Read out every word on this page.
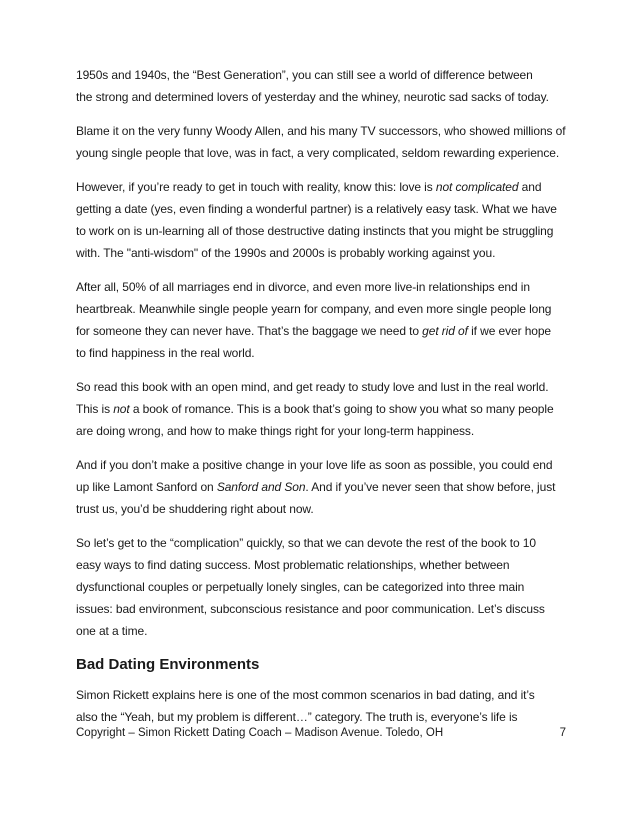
1950s and 1940s, the “Best Generation”, you can still see a world of difference between
the strong and determined lovers of yesterday and the whiney, neurotic sad sacks of today.

Blame it on the very funny Woody Allen, and his many TV successors, who showed millions of
young single people that love, was in fact, a very complicated, seldom rewarding experience.

However, if you’re ready to get in touch with reality, know this: love is not complicated and
getting a date (yes, even finding a wonderful partner) is a relatively easy task. What we have
to work on is un-learning all of those destructive dating instincts that you might be struggling
with. The "anti-wisdom" of the 1990s and 2000s is probably working against you.

After all, 50% of all marriages end in divorce, and even more live-in relationships end in
heartbreak. Meanwhile single people yearn for company, and even more single people long
for someone they can never have. That’s the baggage we need to get rid of if we ever hope
to find happiness in the real world.

So read this book with an open mind, and get ready to study love and lust in the real world.
This is not a book of romance. This is a book that’s going to show you what so many people
are doing wrong, and how to make things right for your long-term happiness.

And if you don’t make a positive change in your love life as soon as possible, you could end
up like Lamont Sanford on Sanford and Son. And if you’ve never seen that show before, just
trust us, you’d be shuddering right about now.

So let’s get to the “complication” quickly, so that we can devote the rest of the book to 10
easy ways to find dating success. Most problematic relationships, whether between
dysfunctional couples or perpetually lonely singles, can be categorized into three main
issues: bad environment, subconscious resistance and poor communication. Let’s discuss
one at a time.

Bad Dating Environments

Simon Rickett explains here is one of the most common scenarios in bad dating, and it’s
also the “Yeah, but my problem is different…” category. The truth is, everyone’s life is

Copyright – Simon Rickett Dating Coach – Madison Avenue. Toledo, OH	7
